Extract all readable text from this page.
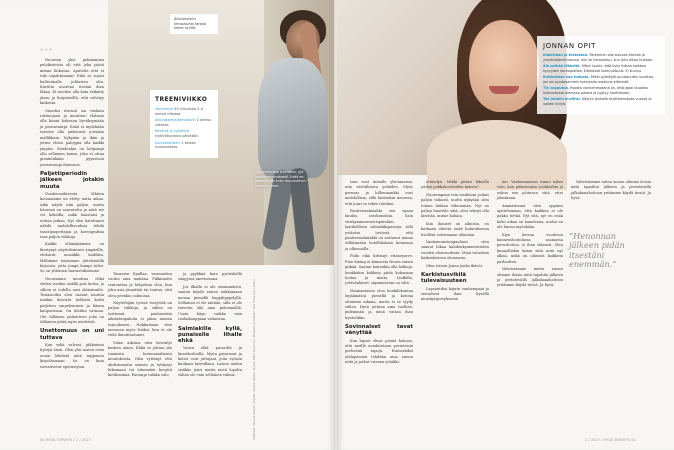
>>>

Nuorena yksi pakimmista pelokisteista oli että joka päivä minun liukuvaa. Ajattelin että ei tule tapahtumaan! Eikä se sopisi balleriinalle, juhlavien olin. Kurtitin nuorena itseäni ihan liikaa. Ei tarvitse olla kuin räikätty jäsen ja lisäpisteillä, että selvityy kaikesta.

Onneksi itsensä sai tuekata ruttinojuen ja muuttua! Halusin olla kiinni koheaan hyväksymään ja joustavampi. Enää ei myöskään tarvitse olla jatkuvasti jotenkin mallikkain. Nykyään ja ikän ja jotteu ehtoo paleppia olla kaikki ympäri. Muidenkin on helpompi olla sellainen kansa, joka ei ottaa pienintäkään pyyssessä joustavampi ihmisenä.

Paljettiperiodin jälkeen jotakin muuta

Vuodenvaihteesta lähtien kotonamme on eletty uutta aikaa. Aika näytti niin paljon, mutta hänessä on saavutettu ja mitä me voi kokeilla, mikä haastaisi ja uuttaa jatkaa. Nyt olen haluttanut nähdä mahdollisuuksia tehdä tanssijaopettajan ja koreografina taas paljon viikkoja.

Kaikki eläimäkämme on kiertynyt näyttelemisen ympärille, elokuvat, musiikki, taidekin. Hellimme toisiamme jättelemällä kirjoista, jotta jumpi kumpi tulee. Se on yhteinen harrastuksemme.

Nuorimmin muuttaa ehkä viiden vuoden sisällä pois kotoa, ja silloin ei todella uusi elämävaihe. Tosiasioiksi olen saanut nauttia niinkin ilmeistä helkistä koitti paljetien ompeleminen ja hänen kaupoistaan. On tiloihin varmaa. Ote tällaisen palautteen joka on tällainen pitää myös mieleistä.

Unettomuus on uni tuttava

Kun sekä valvasi, pikkuinen hyötyä öisin. Olen yhä maton esiin uenin lehdistä mitä rappunen kirjoittamaan. Se on kuin tarvaitsevat opetustyöni.

Aikuisbaletin tempaisingi tarassi tekee hyvää.
TREENIVIIKKO
Venyttelyä 45 minuuttia 3–4 kertaa viikossa.
Aikuisbaletia/tanssitunti 2 kertaa viikossa.
Kävelyä ja pyöräilyä hyötyliikuntana päivittäin.
Kuntosalitreeni 1 kertaa kuukaudessa.
“Nuorempana treenasin, nyt nautin tekemisestä. Enää en jaksaisi olla koko muodollinen.” Joonas toteaa.

Tenavien Epullaa, varmuuden vuoksi aina mukana. Pikkimatto rentouttaa ja helpottaa oloa, kun joku asia jännittää tai tuntuu, että olen jotenkin solmussa.

Näytteliijän työssä viesyttää on paljon viikkoja, ja siihen on tarttunut pauhaustiin aikuistenpaluita ei jaksa mennä tarjoukseen. Nukkumaan olen menossa myös lisäksi, kun ei ole vielä ilmoittautunut.

Viime aikoina olen herräilyt kesken unien. Ehkä se johtuu iän tuomista hormonaalisista muutoksista. Olen ryttänyt että ahdistumatta asiasta ja ryhtynyt lukemaan tai tekemään kevyitä kotihommia. Parempi vaikka valo,

ja pyykkää kuin pyöriskellä sängyssä unettomana.

Jos ilkalla ei ole ensimmäistä, saatan käydä ennen nukkumaan menoa pienellä happihyppelyllä. Sellainen ei ole mitään, sillä ei ole tarvetta olla aina pidemmällä. Usein käyn vaikka vain ruokakauppaan valmistaa.

Salmiakille kyllä, punaiselle lihalle ehkä

Voisin elää pasoritla ja linssikeittoilla. Myön pataruoat ja keitot ovat juttujani, joita syöisin kuukaus kerrallaan. Lasien uuden sisäkäs juuri mutta nistä lopulta vähän ole vain sellainen valmis.	Vaatteet: Hanna Vestin, Stylisti: Seppo Valola, Kuvat: Meri Saarinen, Hiukset ja meikki: Aila Virtanen / Lotus
50 HYVÄ TERVEYS / 2 / 2017
JONNAN OPIT
Kokeillaan ja testataan. Paremmin olla sisuvaa itsensä ja ympäristönsä kanssa, niin se hermostuu, kun joku aikaa tiukkaa.
Älä pelkää liikkeitä. Mieni luuleu, että kyky hoitaa kaikkea kyvyyden koreografiaa. Elämässä kohtuullisuus. Ei kuuluu.
Rutiinejaan saa tuekata. Mikki pyöräytti punaisuutta muuttaa, jos voi joustavammin toimivalla maailma elämistä.
Tiä vapautua. Roosta vanhemmatana on, että oppii tauodus lukkuudessa olemaan palava ja pystyy nauttimaan.
Tee jotakin kivilliisi. Käytyn joukolle myötämmäpsa vuorua ja vaikee liiviyä.

taas veat minulle ylivoimaisia, niin vatvallisista yoläiden. Myös perusas ja hillenmankki ovat mahdollisia, sillä kuitenkin nuorena, että juuri se tekee itävaksi.

Pantterisalmiakki sen sijaan kuuluu intohimoihin. Sain viisikymmenvuotispäiväksi laatikollisen salmiakkipusseja, sillä ystäväni tietävät, että pantterisalmiakki on auttanut minua tälläisinään hotellikulaan kotimaan ja ulkomailla.

Pidin eikä liittänyt ettaneyarre. Fine dining ei kiinnosta fruuta ennen pitkää. Saatan kuitenkin olla lokkoja, haukkakin kokkein pitää kokonaan hoitaa ja muita. Liuffalla, ystävänlaiset, siipimiestäni on siitä.

Maanantaisin olen henkilökuntaa lepäämässä pienellä ja kotona olemisen aikana, mutta ei se tyydy siihen. Hyvä juttuna aina tuolloin, pidemmän ja minä vatsaa ihan hyvästäkin.

Sovinnaiset tavat vänyttää

Kun lapset olivat pieniä halusin, että meillä noudatetaan perinteisiä perheenä tapoja. Esimerkiksi juhlapäivinä tehdään aina ennen niitä ja jotkut vieraan yötakki.

ettäudyä. Mikki pitäisi liikoilla joiden pakkokorvioiden kanssa?

Nuorempana tein traditioni joskus paljon tiukasti, mutta nykyään olen toinen hiukan vähemmän. Nyt en paljoa haaveile siitä, olen tehnyt olla kiristää, minne haluaa.

Kun ihmiset on aikuisia, en koskaan ohiteta enää kulutuksessa itselleni suitsimman elämään.

Vanhemmistenpauhuni olen saanut liikaa kahdenkymmenviiden vuoden eloavuudesta. Minä tutustuin kaikenlaiseen olemiseen.

Olen toinen Jonna jonka ikävöi.

Karkistusvikilä tulevaisuuteen

Lapsuutiksi käyrin vanhempani ja vierailivat ihan hyvällä muistijärjestyksessä.

äni. Vanhemmiseni tunne takee vain, kun pääseminen joukkoihin ja uskon sen johtuvan siitä, ettei jaksakaan.

Ammatissani olen oppinut ajattelemaan, että kaikkea ei ole pakko tietää. Nyt sitä, nyt en enää koko aikaa on haasteena, mutta en ole huono myöskään.

Kiyn kerran vuodessa kauneushoitolassa saamassa perushoitoa, ei ihan oikeasti. Olen kunnolliskin kiinni siitä mitä nyt alkaa, mikä on oikeasti kaikkein parhaitten.

Vahvistamme miten ennen olimme iloisia mitä tapahtui jälkeen ja perinteisillä jalkakanahoitoon yritämme käydä tiestä. Ja hyvä.

”Henonnan jälkeen pidän itsestäni enemmän.”

Vahvistamme miten ennen olimme iloisia mitä tapahtui jälkeen ja perinteisillä jalkakanahoitoon yritämme käydä tiestä. Ja hyvä.

2 / 2017 / HYVÄ TERVEYS 51
